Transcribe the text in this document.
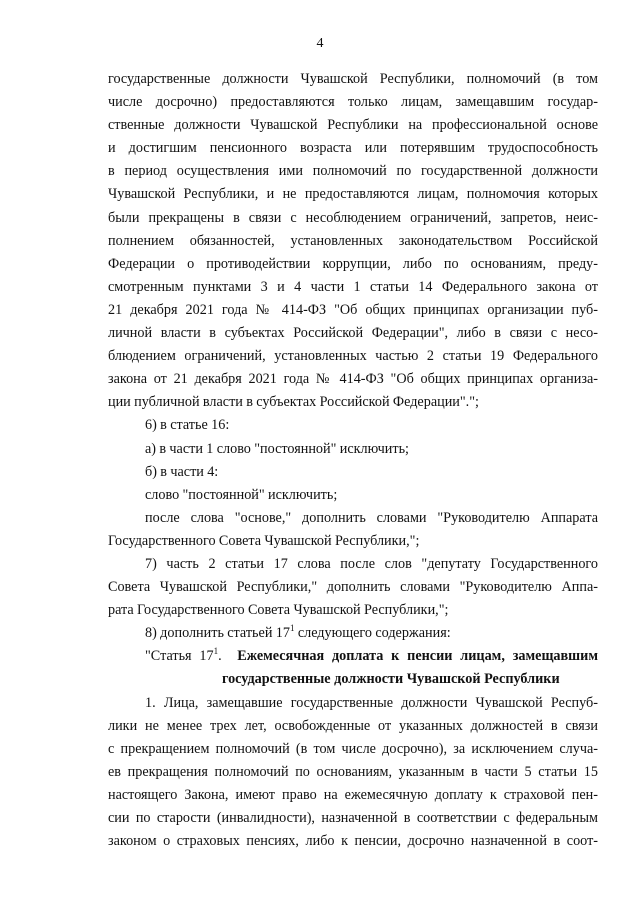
4

государственные должности Чувашской Республики, полномочий (в том

числе досрочно) предоставляются только лицам, замещавшим государ-

ственные должности Чувашской Республики на профессиональной основе

и достигшим пенсионного возраста или потерявшим трудоспособность

в период осуществления ими полномочий по государственной должности

Чувашской Республики, и не предоставляются лицам, полномочия которых

были прекращены в связи с несоблюдением ограничений, запретов, неис-

полнением обязанностей, установленных законодательством Российской

Федерации о противодействии коррупции, либо по основаниям, преду-

смотренным пунктами 3 и 4 части 1 статьи 14 Федерального закона от

21 декабря 2021 года № 414-ФЗ "Об общих принципах организации пуб-

личной власти в субъектах Российской Федерации", либо в связи с несо-

блюдением ограничений, установленных частью 2 статьи 19 Федерального

закона от 21 декабря 2021 года № 414-ФЗ "Об общих принципах организа-

ции публичной власти в субъектах Российской Федерации".";

6) в статье 16:

а) в части 1 слово "постоянной" исключить;

б) в части 4:

слово "постоянной" исключить;

после слова "основе," дополнить словами "Руководителю Аппарата

Государственного Совета Чувашской Республики,";

7) часть 2 статьи 17 слова после слов "депутату Государственного

Совета Чувашской Республики," дополнить словами "Руководителю Аппа-

рата Государственного Совета Чувашской Республики,";

8) дополнить статьей $17^1$ следующего содержания:

"Статья $17^1$. Ежемесячная доплата к пенсии лицам, замещавшим
государственные должности Чувашской Республики

1. Лица, замещавшие государственные должности Чувашской Респуб-

лики не менее трех лет, освобожденные от указанных должностей в связи

с прекращением полномочий (в том числе досрочно), за исключением случа-

ев прекращения полномочий по основаниям, указанным в части 5 статьи 15

настоящего Закона, имеют право на ежемесячную доплату к страховой пен-

сии по старости (инвалидности), назначенной в соответствии с федеральным

законом о страховых пенсиях, либо к пенсии, досрочно назначенной в соот-
